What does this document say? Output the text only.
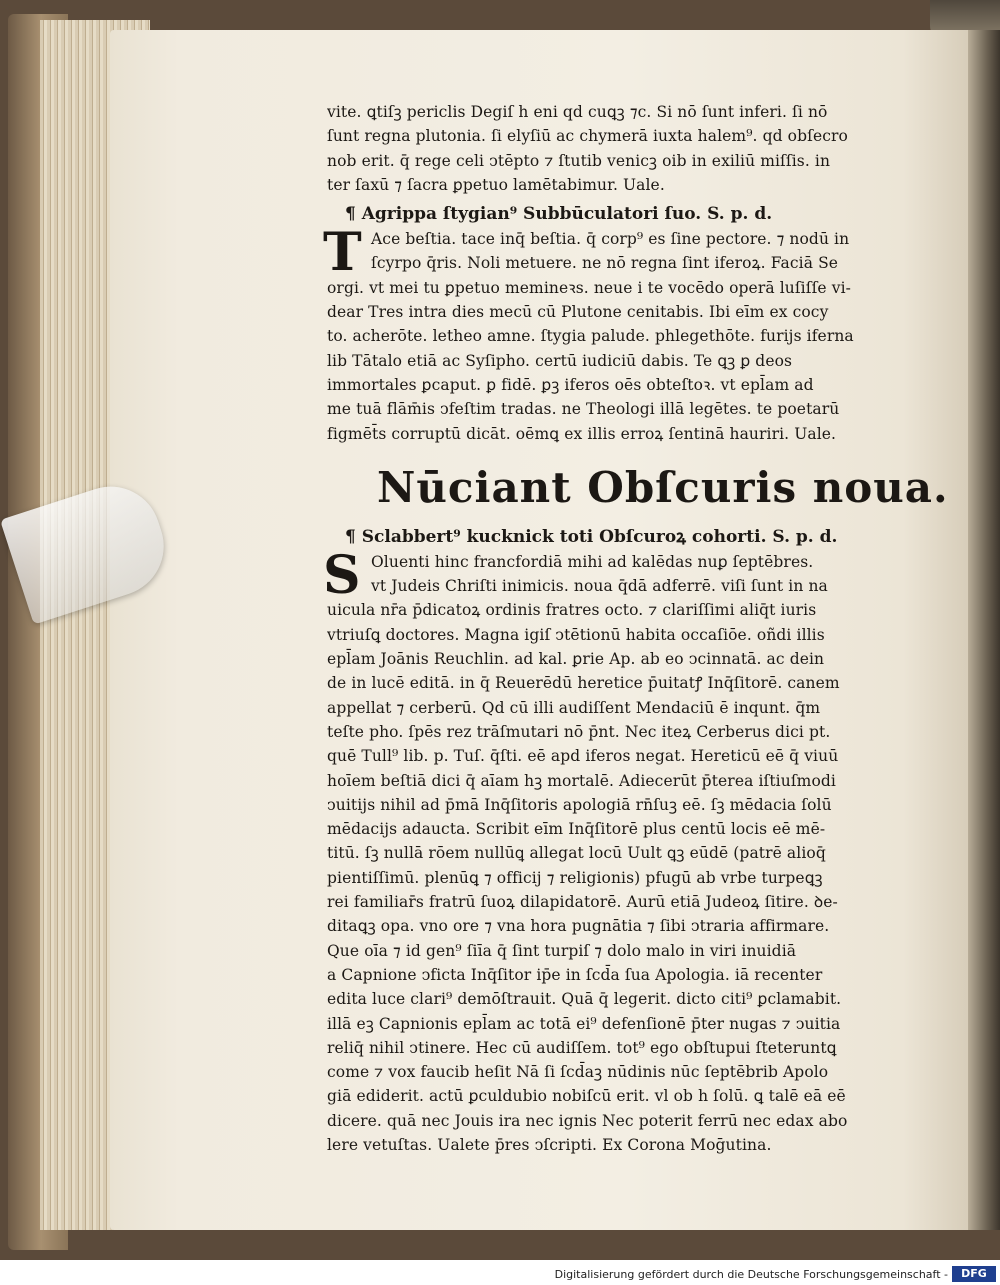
vite. ꝗtiſꝫ periclis Degiſ h eni qd cuꝗꝫ ⁊c. Si nō ſunt inferi. ſi nō
ſunt regna plutonia. ſi elyſiū ac chymerā iuxta halem⁹. qd obſecro
nob erit. q̄ rege celi ↄtēpto ⁊ ſtutib venicꝫ oib in exiliū miſſis. in
ter ſaxū ⁊ ſacra ꝑpetuo lamētabimur. Uale.
¶ Agrippa ſtygian⁹ Subbūculatori ſuo. S. p. d.
T Ace beſtia. tace inq̄ beſtia. q̄ corp⁹ es ſine pectore. ⁊ nodū in
ſcyrpo q̄ris. Noli metuere. ne nō regna ſint iferoꝝ. Faciā Se
orgi. vt mei tu ꝑpetuo memineꝛs. neue i te vocēdo operā luſiſſe vi-
dear Tres intra dies mecū cū Plutone cenitabis. Ibi eīm ex cocy
to. acherōte. letheo amne. ſtygia palude. phlegethōte. furijs iferna
lib Tātalo etiā ac Syſipho. certū iudiciū dabis. Te ꝗꝫ ꝑ deos
immortales ꝑcaput. ꝑ fidē. ꝑꝫ iferos oēs obteſtoꝛ. vt epl̄am ad
me tuā flām̄is ↄfeſtim tradas. ne Theologi illā legētes. te poetarū
figmēt̄s corruptū dicāt. oēmꝗ ex illis erroꝝ ſentinā hauriri. Uale.
Nūciant Obſcuris noua.
¶ Sclabbert⁹ kucknick toti Obſcuroꝝ cohorti. S. p. d.
S Oluenti hinc francfordiā mihi ad kalēdas nuꝑ ſeptēbres.
vt Judeis Chriſti inimicis. noua q̄dā adferrē. viſi ſunt in na
uicula nr̄a p̄dicatoꝝ ordinis fratres octo. ⁊ clariſſimi aliq̄t iuris
vtriuſꝗ doctores. Magna igiſ ↄtētionū habita occaſiōe. oñdi illis
epl̄am Joānis Reuchlin. ad kal. ꝑrie Ap. ab eo ↄcinnatā. ac dein
de in lucē editā. in q̄ Reuerēdū heretice p̄uitatꝭ Inq̄ſitorē. canem
appellat ⁊ cerberū. Qd cū illi audiſſent Mendaciū ē inqunt. q̄m
teſte pho. ſpēs rez trāſmutari nō p̄nt. Nec iteꝝ Cerberus dici pt.
quē Tull⁹ lib. p. Tuſ. q̄ſti. eē apd iferos negat. Hereticū eē q̄ viuū
hoīem beſtiā dici q̄ aīam hꝫ mortalē. Adiecerūt p̄terea iſtiuſmodi
ↄuitijs nihil ad p̄mā Inq̄ſitoris apologiā rn̄ſuꝫ eē. ſꝫ mēdacia ſolū
mēdacijs adaucta. Scribit eīm Inq̄ſitorē plus centū locis eē mē-
titū. ſꝫ nullā rōem nullūꝗ allegat locū Uult ꝗꝫ eūdē (patrē alioq̄
pientiſſimū. plenūꝗ ⁊ officij ⁊ religionis) pfugū ab vrbe turpeꝗꝫ
rei familiar̄s fratrū ſuoꝝ dilapidatorē. Aurū etiā Judeoꝝ ſitire. ꝺe-
ditaꝗꝫ opa. vno ore ⁊ vna hora pugnātia ⁊ ſibi ↄtraria affirmare.
Que oīa ⁊ id gen⁹ ſiīa q̄ ſint turpiſ ⁊ dolo malo in viri inuidiā
a Capnione ↄficta Inq̄ſitor ip̄e in ſcd̄a ſua Apologia. iā recenter
edita luce clari⁹ demōſtrauit. Quā q̄ legerit. dicto citi⁹ ꝑclamabit.
illā eꝫ Capnionis epl̄am ac totā ei⁹ defenſionē p̄ter nugas ⁊ ↄuitia
reliq̄ nihil ↄtinere. Hec cū audiſſem. tot⁹ ego obſtupui ſteteruntꝗ
come ⁊ vox faucib heſit Nā ſi ſcd̄aꝫ nūdinis nūc ſeptēbrib Apolo
giā ediderit. actū ꝑculdubio nobiſcū erit. vl ob h ſolū. ꝗ talē eā eē
dicere. quā nec Jouis ira nec ignis Nec poterit ferrū nec edax abo
lere vetuſtas. Ualete p̄res ↄſcripti. Ex Corona Moḡutina.
Digitalisierung gefördert durch die Deutsche Forschungsgemeinschaft -	DFG
